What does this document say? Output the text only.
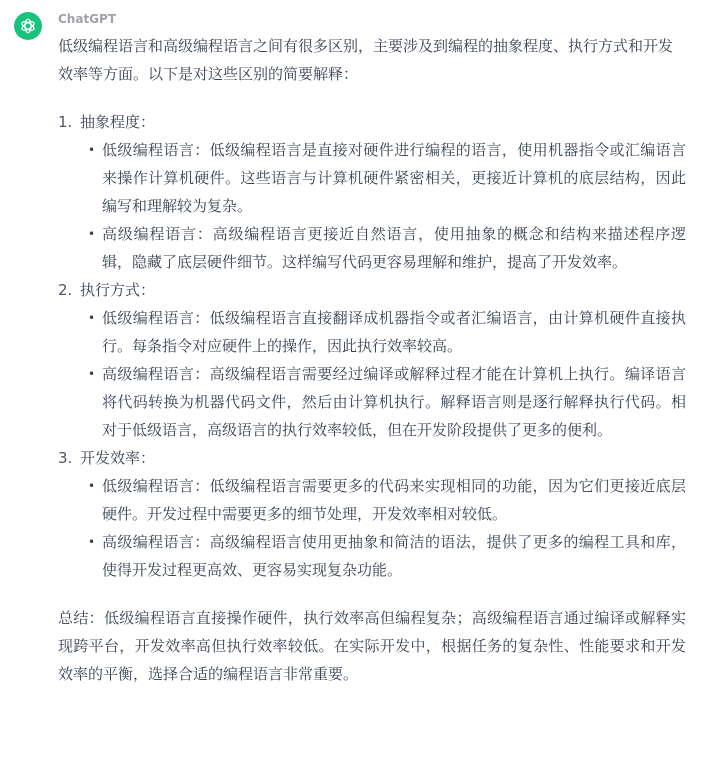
ChatGPT

低级编程语言和高级编程语言之间有很多区别，主要涉及到编程的抽象程度、执行方式和开发效率等方面。以下是对这些区别的简要解释：

1. 抽象程度：
• 低级编程语言：低级编程语言是直接对硬件进行编程的语言，使用机器指令或汇编语言来操作计算机硬件。这些语言与计算机硬件紧密相关，更接近计算机的底层结构，因此编写和理解较为复杂。
• 高级编程语言：高级编程语言更接近自然语言，使用抽象的概念和结构来描述程序逻辑，隐藏了底层硬件细节。这样编写代码更容易理解和维护，提高了开发效率。
2. 执行方式：
• 低级编程语言：低级编程语言直接翻译成机器指令或者汇编语言，由计算机硬件直接执行。每条指令对应硬件上的操作，因此执行效率较高。
• 高级编程语言：高级编程语言需要经过编译或解释过程才能在计算机上执行。编译语言将代码转换为机器代码文件，然后由计算机执行。解释语言则是逐行解释执行代码。相对于低级语言，高级语言的执行效率较低，但在开发阶段提供了更多的便利。
3. 开发效率：
• 低级编程语言：低级编程语言需要更多的代码来实现相同的功能，因为它们更接近底层硬件。开发过程中需要更多的细节处理，开发效率相对较低。
• 高级编程语言：高级编程语言使用更抽象和简洁的语法，提供了更多的编程工具和库，使得开发过程更高效、更容易实现复杂功能。

总结：低级编程语言直接操作硬件，执行效率高但编程复杂；高级编程语言通过编译或解释实现跨平台，开发效率高但执行效率较低。在实际开发中，根据任务的复杂性、性能要求和开发效率的平衡，选择合适的编程语言非常重要。
